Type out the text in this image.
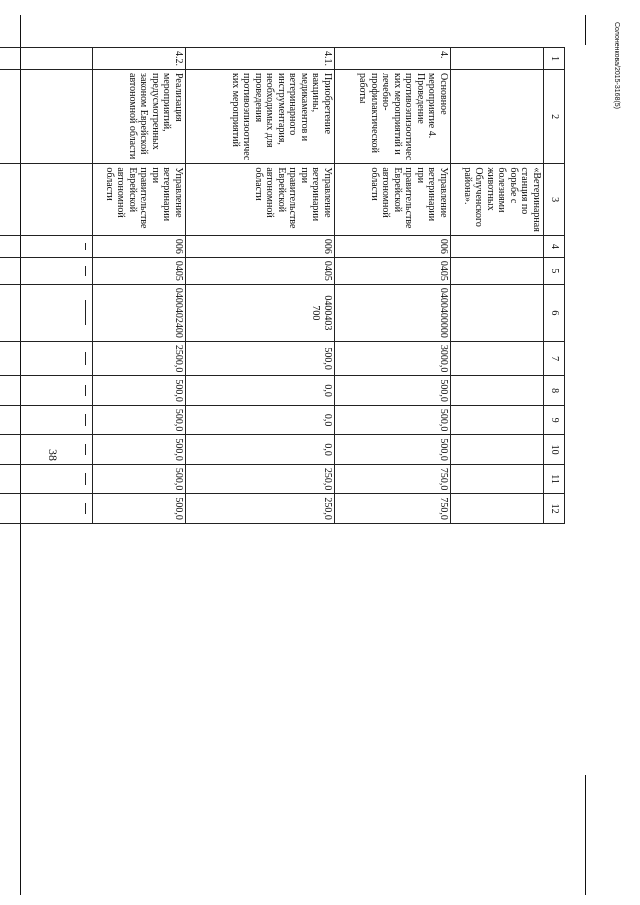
38
Солоненкова/2015-3168(5)
1	2	3	4	5	6	7	8	9	10	11	12
		«Ветеринарная станция по борьбе с болезнями животных Облученского района».									
4.	Основное мероприятие 4. Проведение противоэпизоотичес ких мероприятий и лечебно-профилактической работы	Управление ветеринарии при правительстве Еврейской автономной области	006	0405	0400400000	3000,0	500,0	500,0	500,0	750,0	750,0
4.1.	Приобретение вакцины, медикаментов и ветеринарного инструментария, необходимых для проведения противоэпизоотичес ких мероприятий	Управление ветеринарии при правительстве Еврейской автономной области	006	0405	0400403 700	500,0	0,0	0,0	0,0	250,0	250,0
4.2.	Реализация мероприятий, предусмотренных законом Еврейской автономной области	Управление ветеринарии при правительстве Еврейской автономной области	006	0405	0400402400	2500,0	500,0	500,0	500,0	500,0	500,0
